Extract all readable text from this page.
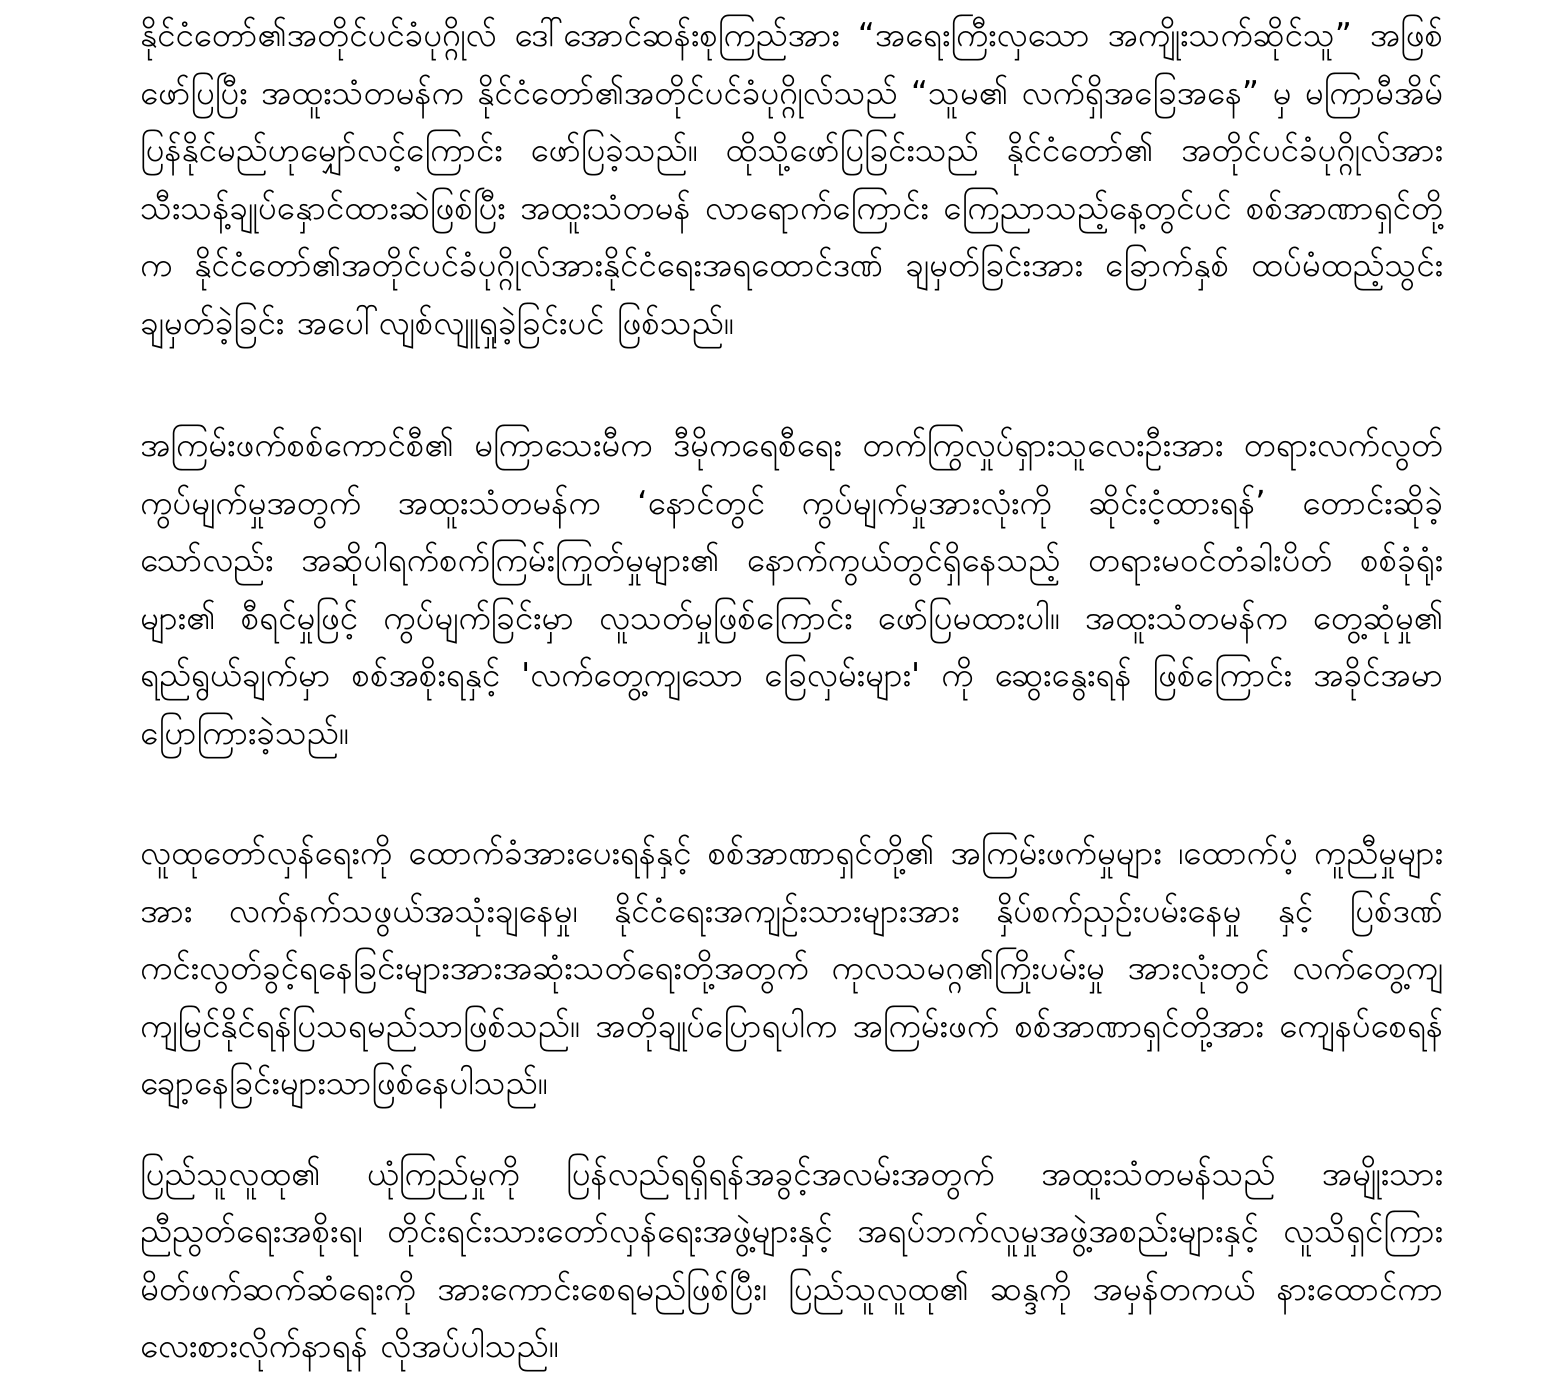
နိုင်ငံတော်၏အတိုင်ပင်ခံပုဂ္ဂိုလ် ဒေါ်အောင်ဆန်းစုကြည်အား “အရေးကြီးလှသော အကျိုးသက်ဆိုင်သူ” အဖြစ်ဖော်ပြပြီး အထူးသံတမန်က နိုင်ငံတော်၏အတိုင်ပင်ခံပုဂ္ဂိုလ်သည် “သူမ၏ လက်ရှိအခြေအနေ” မှ မကြာမီအိမ်ပြန်နိုင်မည်ဟုမျှော်လင့်ကြောင်း ဖော်ပြခဲ့သည်။ ထိုသို့ဖော်ပြခြင်းသည် နိုင်ငံတော်၏ အတိုင်ပင်ခံပုဂ္ဂိုလ်အား သီးသန့်ချုပ်နှောင်ထားဆဲဖြစ်ပြီး အထူးသံတမန် လာရောက်ကြောင်း ကြေညာသည့်နေ့တွင်ပင် စစ်အာဏာရှင်တို့က နိုင်ငံတော်၏အတိုင်ပင်ခံပုဂ္ဂိုလ်အားနိုင်ငံရေးအရထောင်ဒဏ် ချမှတ်ခြင်းအား ခြောက်နှစ် ထပ်မံထည့်သွင်းချမှတ်ခဲ့ခြင်း အပေါ်လျစ်လျူရှုခဲ့ခြင်းပင် ဖြစ်သည်။

အကြမ်းဖက်စစ်ကောင်စီ၏ မကြာသေးမီက ဒီမိုကရေစီရေး တက်ကြွလှုပ်ရှားသူလေးဦးအား တရားလက်လွတ်ကွပ်မျက်မှုအတွက် အထူးသံတမန်က ‘နောင်တွင် ကွပ်မျက်မှုအားလုံးကို ဆိုင်းငံ့ထားရန်’ တောင်းဆိုခဲ့သော်လည်း အဆိုပါရက်စက်ကြမ်းကြုတ်မှုများ၏ နောက်ကွယ်တွင်ရှိနေသည့် တရားမဝင်တံခါးပိတ် စစ်ခုံရုံးများ၏ စီရင်မှုဖြင့် ကွပ်မျက်ခြင်းမှာ လူသတ်မှုဖြစ်ကြောင်း ဖော်ပြမထားပါ။ အထူးသံတမန်က တွေ့ဆုံမှု၏ ရည်ရွယ်ချက်မှာ စစ်အစိုးရနှင့် 'လက်တွေ့ကျသော ခြေလှမ်းများ' ကို ဆွေးနွေးရန် ဖြစ်ကြောင်း အခိုင်အမာ ပြောကြားခဲ့သည်။

လူထုတော်လှန်ရေးကို ထောက်ခံအားပေးရန်နှင့် စစ်အာဏာရှင်တို့၏ အကြမ်းဖက်မှုများ ၊ထောက်ပံ့ ကူညီမှုများအား လက်နက်သဖွယ်အသုံးချနေမှု၊ နိုင်ငံရေးအကျဉ်းသားများအား နှိပ်စက်ညှဉ်းပမ်းနေမှု နှင့် ပြစ်ဒဏ်ကင်းလွတ်ခွင့်ရနေခြင်းများအားအဆုံးသတ်ရေးတို့အတွက် ကုလသမဂ္ဂ၏ကြိုးပမ်းမှု အားလုံးတွင် လက်တွေ့ကျကျမြင်နိုင်ရန်ပြသရမည်သာဖြစ်သည်။ အတိုချုပ်ပြောရပါက အကြမ်းဖက် စစ်အာဏာရှင်တို့အား ကျေနပ်စေရန်ချော့နေခြင်းများသာဖြစ်နေပါသည်။

ပြည်သူလူထု၏ ယုံကြည်မှုကို ပြန်လည်ရရှိရန်အခွင့်အလမ်းအတွက် အထူးသံတမန်သည် အမျိုးသား ညီညွတ်ရေးအစိုးရ၊ တိုင်းရင်းသားတော်လှန်ရေးအဖွဲ့များနှင့် အရပ်ဘက်လူမှုအဖွဲ့အစည်းများနှင့် လူသိရှင်ကြား မိတ်ဖက်ဆက်ဆံရေးကို အားကောင်းစေရမည်ဖြစ်ပြီး၊ ပြည်သူလူထု၏ ဆန္ဒကို အမှန်တကယ် နားထောင်ကာ လေးစားလိုက်နာရန် လိုအပ်ပါသည်။
